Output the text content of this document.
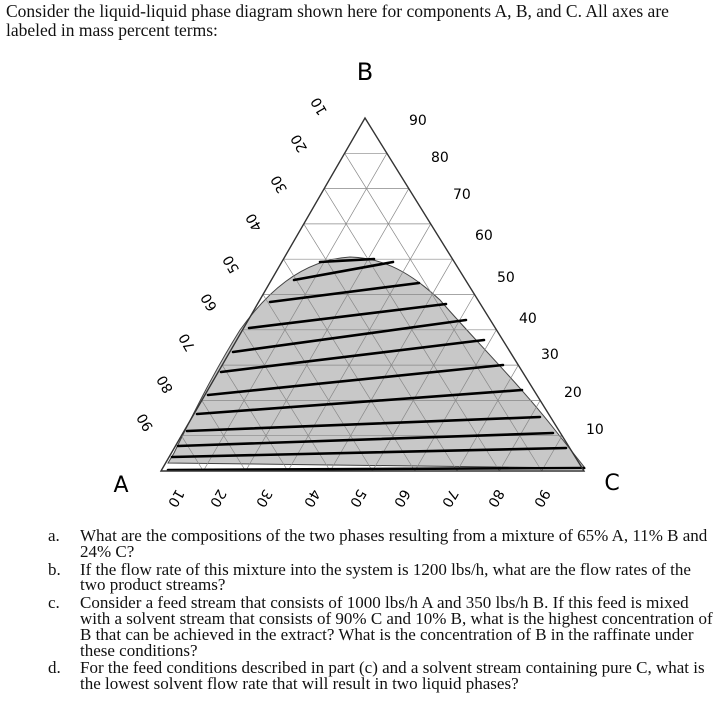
Consider the liquid-liquid phase diagram shown here for components A, B, and C. All axes are labeled in mass percent terms:
B
A	C
10
20
30
40
50
60
70
80
90
10
20
30
40
50
60
70
80
90
10 20 30 40 50 60 70 80 90
a. What are the compositions of the two phases resulting from a mixture of 65% A, 11% B and 24% C?
b. If the flow rate of this mixture into the system is 1200 lbs/h, what are the flow rates of the two product streams?
c. Consider a feed stream that consists of 1000 lbs/h A and 350 lbs/h B. If this feed is mixed with a solvent stream that consists of 90% C and 10% B, what is the highest concentration of B that can be achieved in the extract? What is the concentration of B in the raffinate under these conditions?
d. For the feed conditions described in part (c) and a solvent stream containing pure C, what is the lowest solvent flow rate that will result in two liquid phases?
